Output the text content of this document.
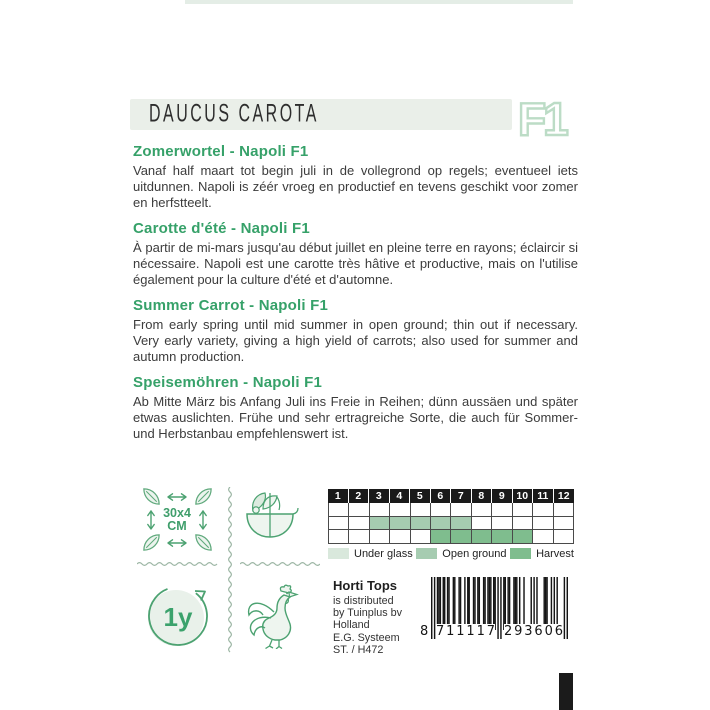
DAUCUS CAROTA	F1
Zomerwortel - Napoli F1

Vanaf half maart tot begin juli in de vollegrond op regels; eventueel iets uitdunnen. Napoli is zéér vroeg en productief en tevens geschikt voor zomer en herfstteelt.

Carotte d'été - Napoli F1

À partir de mi-mars jusqu'au début juillet en pleine terre en rayons; éclaircir si nécessaire. Napoli est une carotte très hâtive et productive, mais on l'utilise également pour la culture d'été et d'automne.

Summer Carrot - Napoli F1

From early spring until mid summer in open ground; thin out if necessary. Very early variety, giving a high yield of carrots; also used for summer and autumn production.

Speisemöhren - Napoli F1

Ab Mitte März bis Anfang Juli ins Freie in Reihen; dünn aussäen und später etwas auslichten. Frühe und sehr ertragreiche Sorte, die auch für Sommer- und Herbstanbau empfehlenswert ist.

30x4
CM
1y
1	2	3	4	5	6	7	8	9	10 11 12
Under glass	Open ground	Harvest
Horti Tops
is distributed
by Tuinplus bv
Holland
E.G. Systeem
ST. / H472
8 7 1 1 1 1 7 2 9 3 6 0 6
